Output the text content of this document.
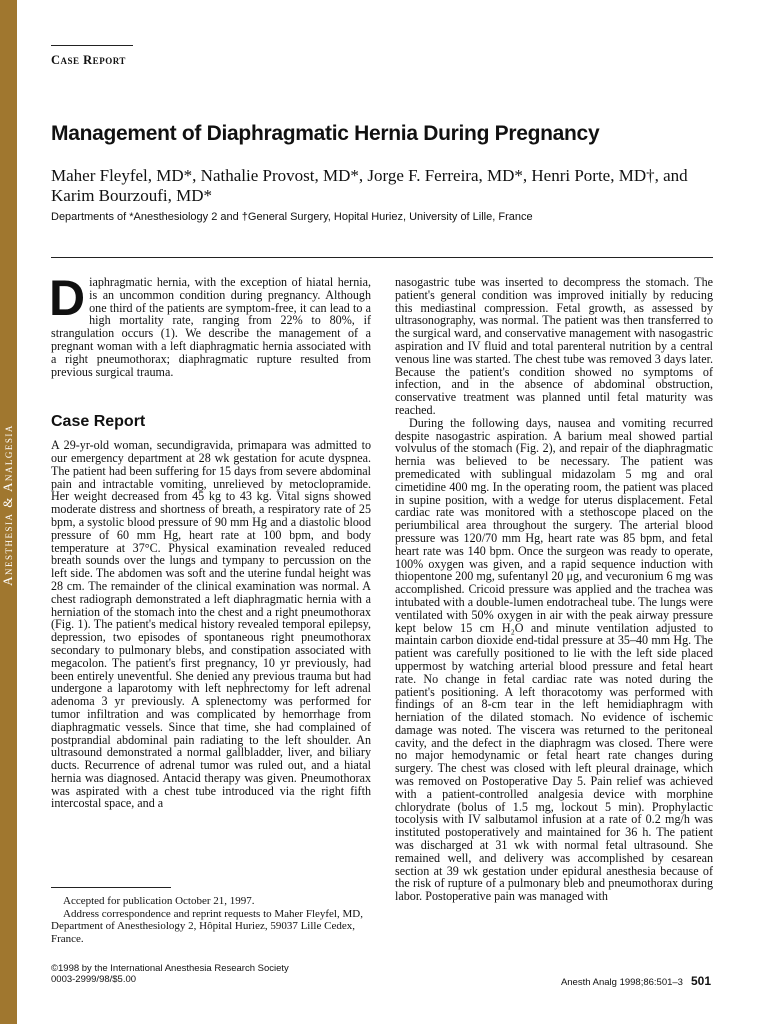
Anesthesia & Analgesia
Case Report
Management of Diaphragmatic Hernia During Pregnancy
Maher Fleyfel, MD*, Nathalie Provost, MD*, Jorge F. Ferreira, MD*, Henri Porte, MD†, and Karim Bourzoufi, MD*
Departments of *Anesthesiology 2 and †General Surgery, Hopital Huriez, University of Lille, France

Diaphragmatic hernia, with the exception of hiatal hernia, is an uncommon condition during pregnancy. Although one third of the patients are symptom-free, it can lead to a high mortality rate, ranging from 22% to 80%, if strangulation occurs (1). We describe the management of a pregnant woman with a left diaphragmatic hernia associated with a right pneumothorax; diaphragmatic rupture resulted from previous surgical trauma.

Case Report

A 29-yr-old woman, secundigravida, primapara was admitted to our emergency department at 28 wk gestation for acute dyspnea. The patient had been suffering for 15 days from severe abdominal pain and intractable vomiting, unrelieved by metoclopramide. Her weight decreased from 45 kg to 43 kg. Vital signs showed moderate distress and shortness of breath, a respiratory rate of 25 bpm, a systolic blood pressure of 90 mm Hg and a diastolic blood pressure of 60 mm Hg, heart rate at 100 bpm, and body temperature at 37°C. Physical examination revealed reduced breath sounds over the lungs and tympany to percussion on the left side. The abdomen was soft and the uterine fundal height was 28 cm. The remainder of the clinical examination was normal. A chest radiograph demonstrated a left diaphragmatic hernia with a herniation of the stomach into the chest and a right pneumothorax (Fig. 1). The patient's medical history revealed temporal epilepsy, depression, two episodes of spontaneous right pneumothorax secondary to pulmonary blebs, and constipation associated with megacolon. The patient's first pregnancy, 10 yr previously, had been entirely uneventful. She denied any previous trauma but had undergone a laparotomy with left nephrectomy for left adrenal adenoma 3 yr previously. A splenectomy was performed for tumor infiltration and was complicated by hemorrhage from diaphragmatic vessels. Since that time, she had complained of postprandial abdominal pain radiating to the left shoulder. An ultrasound demonstrated a normal gallbladder, liver, and biliary ducts. Recurrence of adrenal tumor was ruled out, and a hiatal hernia was diagnosed. Antacid therapy was given. Pneumothorax was aspirated with a chest tube introduced via the right fifth intercostal space, and a

nasogastric tube was inserted to decompress the stomach. The patient's general condition was improved initially by reducing this mediastinal compression. Fetal growth, as assessed by ultrasonography, was normal. The patient was then transferred to the surgical ward, and conservative management with nasogastric aspiration and IV fluid and total parenteral nutrition by a central venous line was started. The chest tube was removed 3 days later. Because the patient's condition showed no symptoms of infection, and in the absence of abdominal obstruction, conservative treatment was planned until fetal maturity was reached.

During the following days, nausea and vomiting recurred despite nasogastric aspiration. A barium meal showed partial volvulus of the stomach (Fig. 2), and repair of the diaphragmatic hernia was believed to be necessary. The patient was premedicated with sublingual midazolam 5 mg and oral cimetidine 400 mg. In the operating room, the patient was placed in supine position, with a wedge for uterus displacement. Fetal cardiac rate was monitored with a stethoscope placed on the periumbilical area throughout the surgery. The arterial blood pressure was 120/70 mm Hg, heart rate was 85 bpm, and fetal heart rate was 140 bpm. Once the surgeon was ready to operate, 100% oxygen was given, and a rapid sequence induction with thiopentone 200 mg, sufentanyl 20 μg, and vecuronium 6 mg was accomplished. Cricoid pressure was applied and the trachea was intubated with a double-lumen endotracheal tube. The lungs were ventilated with 50% oxygen in air with the peak airway pressure kept below 15 cm H₂O and minute ventilation adjusted to maintain carbon dioxide end-tidal pressure at 35–40 mm Hg. The patient was carefully positioned to lie with the left side placed uppermost by watching arterial blood pressure and fetal heart rate. No change in fetal cardiac rate was noted during the patient's positioning. A left thoracotomy was performed with findings of an 8-cm tear in the left hemidiaphragm with herniation of the dilated stomach. No evidence of ischemic damage was noted. The viscera was returned to the peritoneal cavity, and the defect in the diaphragm was closed. There were no major hemodynamic or fetal heart rate changes during surgery. The chest was closed with left pleural drainage, which was removed on Postoperative Day 5. Pain relief was achieved with a patient-controlled analgesia device with morphine chlorydrate (bolus of 1.5 mg, lockout 5 min). Prophylactic tocolysis with IV salbutamol infusion at a rate of 0.2 mg/h was instituted postoperatively and maintained for 36 h. The patient was discharged at 31 wk with normal fetal ultrasound. She remained well, and delivery was accomplished by cesarean section at 39 wk gestation under epidural anesthesia because of the risk of rupture of a pulmonary bleb and pneumothorax during labor. Postoperative pain was managed with

Accepted for publication October 21, 1997.

Address correspondence and reprint requests to Maher Fleyfel, MD, Department of Anesthesiology 2, Hôpital Huriez, 59037 Lille Cedex, France.

©1998 by the International Anesthesia Research Society
0003-2999/98/$5.00	Anesth Analg 1998;86:501–3 501
